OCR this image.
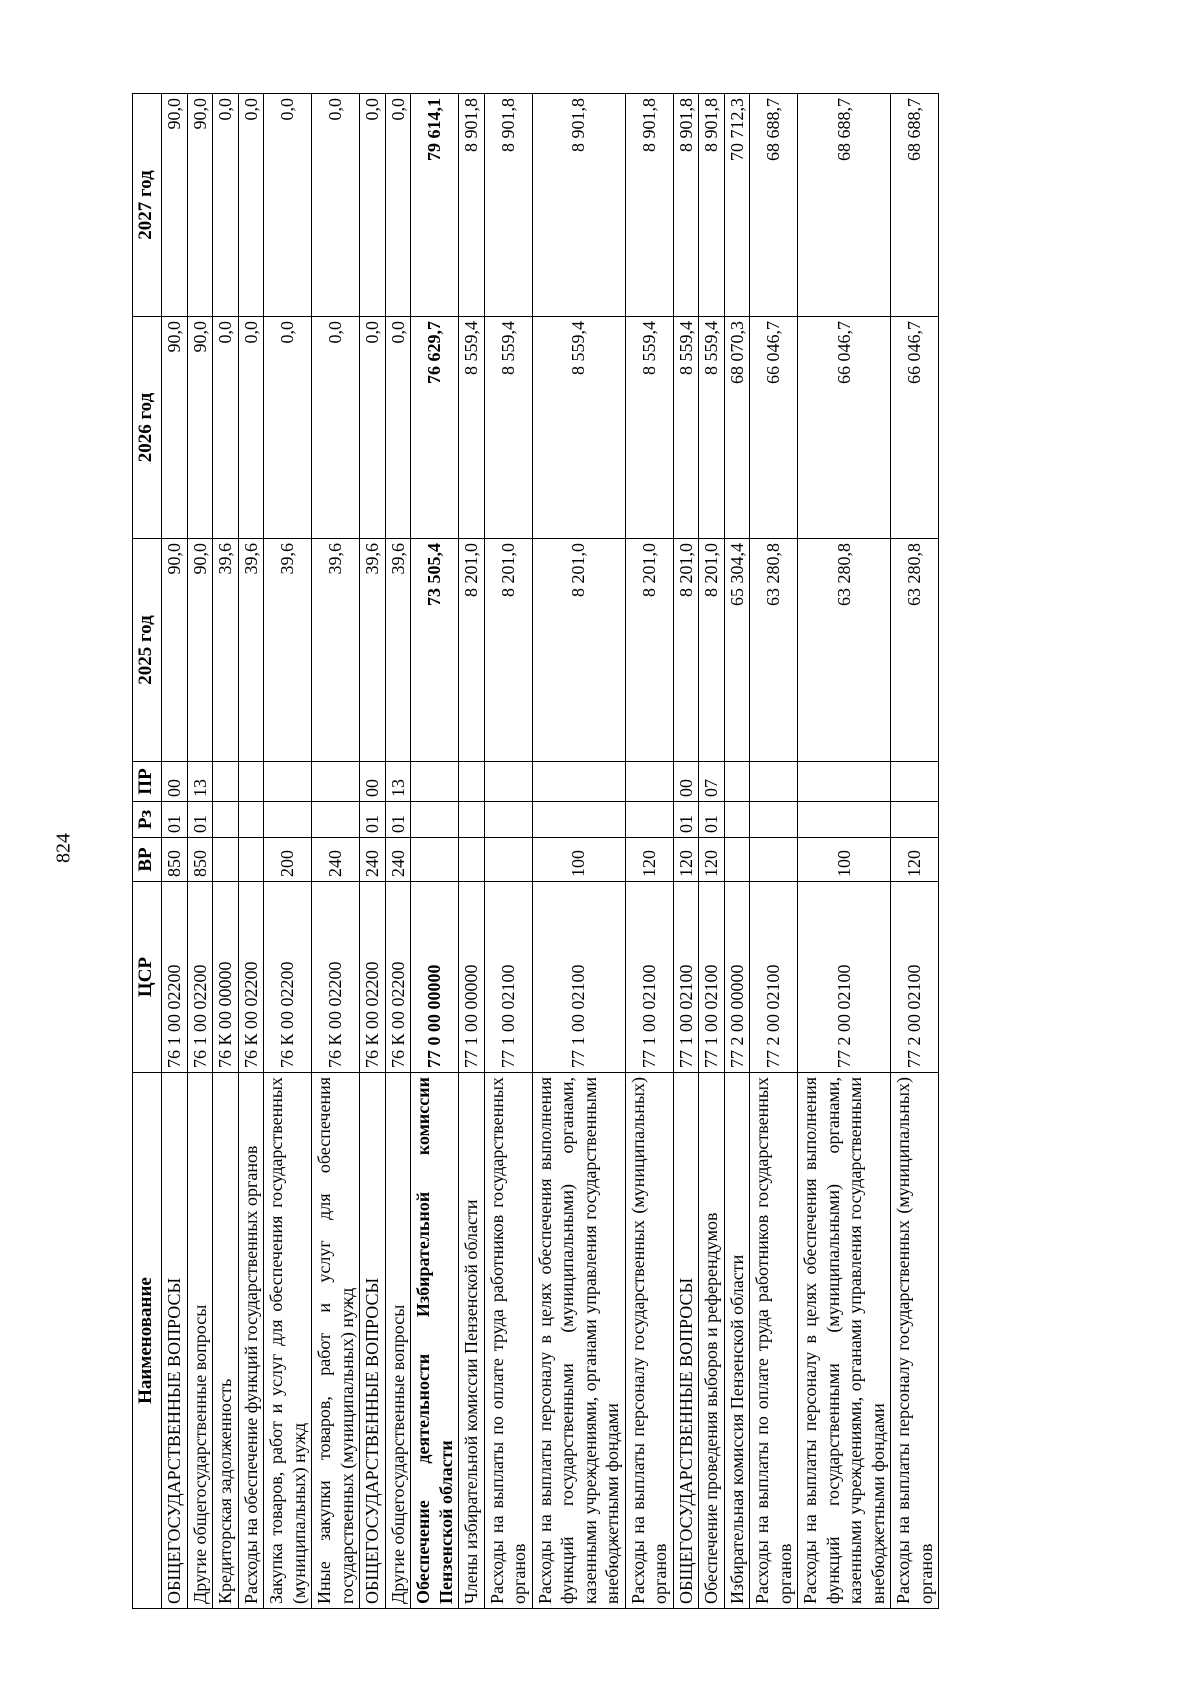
824
Наименование	ЦСР	ВР	Рз	ПР	2025 год	2026 год	2027 год
ОБЩЕГОСУДАРСТВЕННЫЕ ВОПРОСЫ	76 1 00 02200	850	01	00	90,0	90,0	90,0
Другие общегосударственные вопросы	76 1 00 02200	850	01	13	90,0	90,0	90,0
Кредиторская задолженность	76 К 00 00000				39,6	0,0	0,0
Расходы на обеспечение функций государственных органов	76 К 00 02200				39,6	0,0	0,0
Закупка товаров, работ и услуг для обеспечения государственных (муниципальных) нужд	76 К 00 02200	200			39,6	0,0	0,0
Иные закупки товаров, работ и услуг для обеспечения государственных (муниципальных) нужд	76 К 00 02200	240			39,6	0,0	0,0
ОБЩЕГОСУДАРСТВЕННЫЕ ВОПРОСЫ	76 К 00 02200	240	01	00	39,6	0,0	0,0
Другие общегосударственные вопросы	76 К 00 02200	240	01	13	39,6	0,0	0,0
Обеспечение деятельности Избирательной комиссии Пензенской области	77 0 00 00000				73 505,4	76 629,7	79 614,1
Члены избирательной комиссии Пензенской области	77 1 00 00000				8 201,0	8 559,4	8 901,8
Расходы на выплаты по оплате труда работников государственных органов	77 1 00 02100				8 201,0	8 559,4	8 901,8
Расходы на выплаты персоналу в целях обеспечения выполнения функций государственными (муниципальными) органами, казенными учреждениями, органами управления государственными внебюджетными фондами	77 1 00 02100	100			8 201,0	8 559,4	8 901,8
Расходы на выплаты персоналу государственных (муниципальных) органов	77 1 00 02100	120			8 201,0	8 559,4	8 901,8
ОБЩЕГОСУДАРСТВЕННЫЕ ВОПРОСЫ	77 1 00 02100	120	01	00	8 201,0	8 559,4	8 901,8
Обеспечение проведения выборов и референдумов	77 1 00 02100	120	01	07	8 201,0	8 559,4	8 901,8
Избирательная комиссия Пензенской области	77 2 00 00000				65 304,4	68 070,3	70 712,3
Расходы на выплаты по оплате труда работников государственных органов	77 2 00 02100				63 280,8	66 046,7	68 688,7
Расходы на выплаты персоналу в целях обеспечения выполнения функций государственными (муниципальными) органами, казенными учреждениями, органами управления государственными внебюджетными фондами	77 2 00 02100	100			63 280,8	66 046,7	68 688,7
Расходы на выплаты персоналу государственных (муниципальных) органов	77 2 00 02100	120			63 280,8	66 046,7	68 688,7
